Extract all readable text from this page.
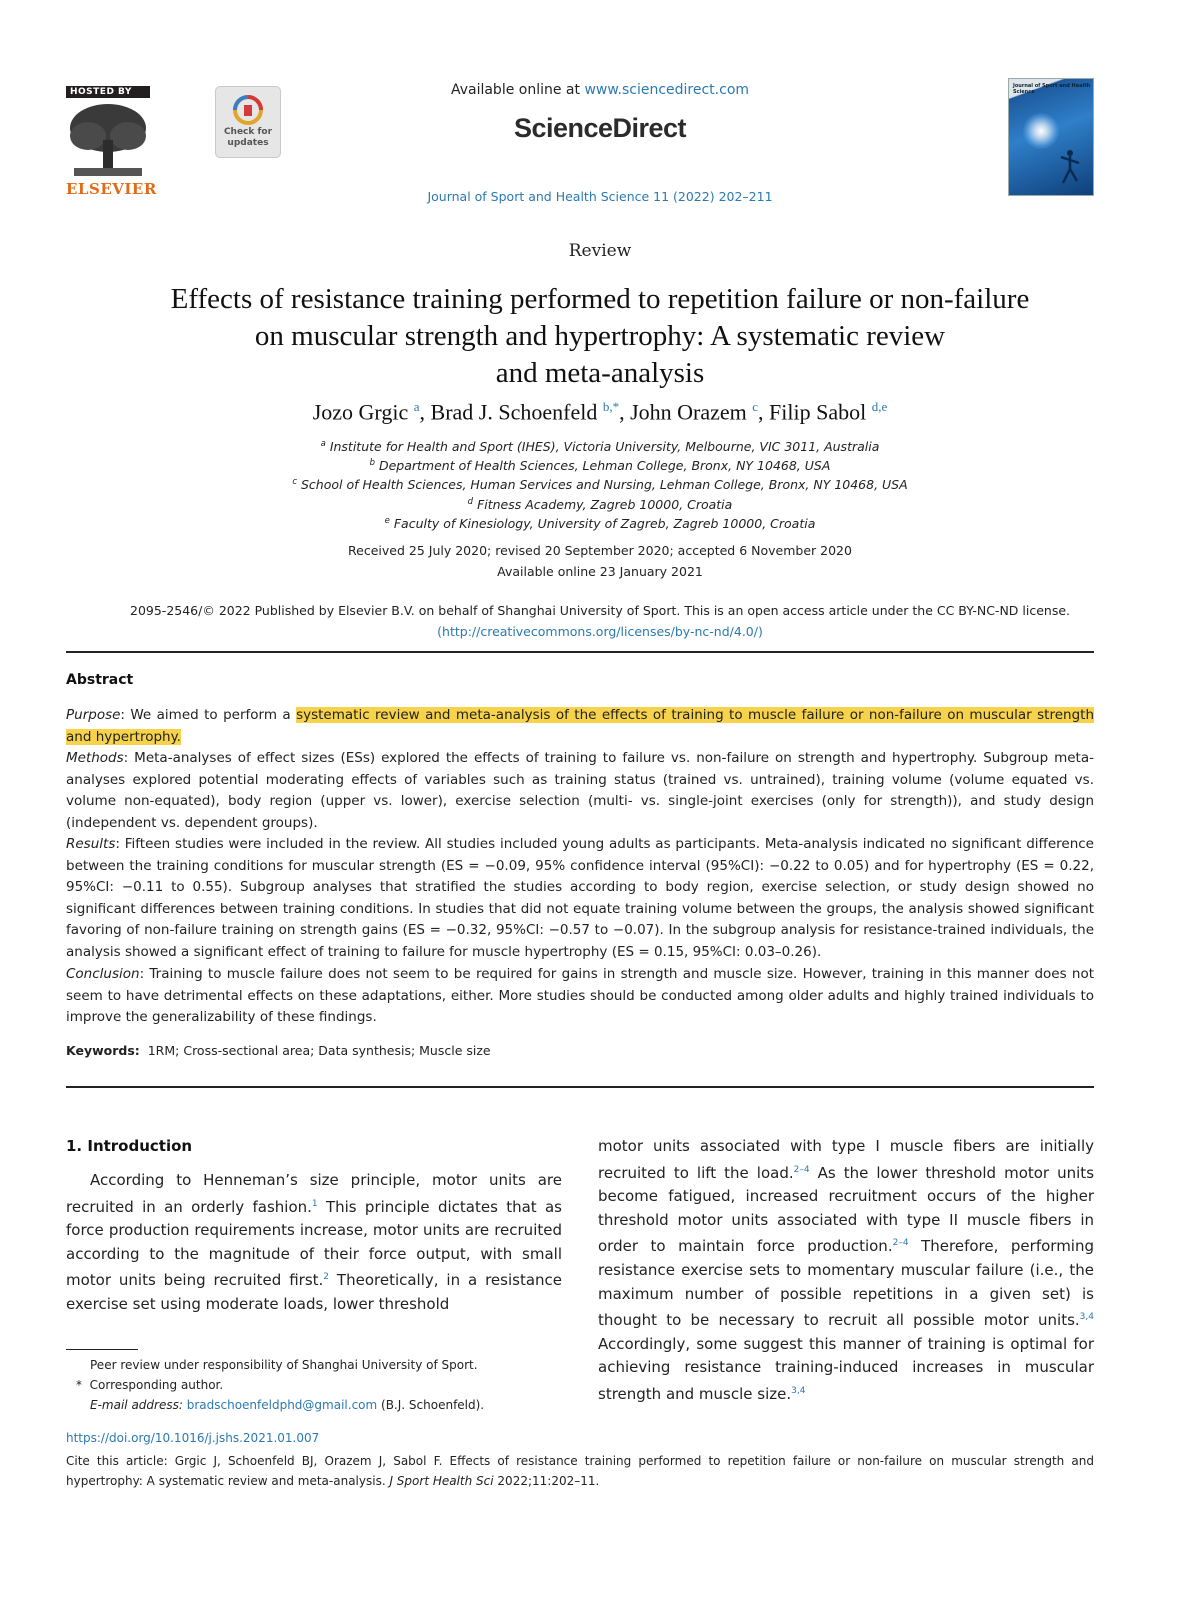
HOSTED BY
ELSEVIER
Check for updates
Available online at www.sciencedirect.com
ScienceDirect
Journal of Sport and Health Science
Journal of Sport and Health Science 11 (2022) 202–211
Review
Effects of resistance training performed to repetition failure or non-failure
on muscular strength and hypertrophy: A systematic review
and meta-analysis
Jozo Grgic $^a$, Brad J. Schoenfeld $^{b,*}$, John Orazem $^c$, Filip Sabol $^{d,e}$
$^a$ Institute for Health and Sport (IHES), Victoria University, Melbourne, VIC 3011, Australia
$^b$ Department of Health Sciences, Lehman College, Bronx, NY 10468, USA
$^c$ School of Health Sciences, Human Services and Nursing, Lehman College, Bronx, NY 10468, USA
$^d$ Fitness Academy, Zagreb 10000, Croatia
$^e$ Faculty of Kinesiology, University of Zagreb, Zagreb 10000, Croatia
Received 25 July 2020; revised 20 September 2020; accepted 6 November 2020
Available online 23 January 2021
2095-2546/© 2022 Published by Elsevier B.V. on behalf of Shanghai University of Sport. This is an open access article under the CC BY-NC-ND license.
(http://creativecommons.org/licenses/by-nc-nd/4.0/)
Abstract
Purpose: We aimed to perform a systematic review and meta-analysis of the effects of training to muscle failure or non-failure on muscular strength and hypertrophy.
Methods: Meta-analyses of effect sizes (ESs) explored the effects of training to failure vs. non-failure on strength and hypertrophy. Subgroup meta-analyses explored potential moderating effects of variables such as training status (trained vs. untrained), training volume (volume equated vs. volume non-equated), body region (upper vs. lower), exercise selection (multi- vs. single-joint exercises (only for strength)), and study design (independent vs. dependent groups).
Results: Fifteen studies were included in the review. All studies included young adults as participants. Meta-analysis indicated no significant difference between the training conditions for muscular strength (ES = −0.09, 95% confidence interval (95%CI): −0.22 to 0.05) and for hypertrophy (ES = 0.22, 95%CI: −0.11 to 0.55). Subgroup analyses that stratified the studies according to body region, exercise selection, or study design showed no significant differences between training conditions. In studies that did not equate training volume between the groups, the analysis showed significant favoring of non-failure training on strength gains (ES = −0.32, 95%CI: −0.57 to −0.07). In the subgroup analysis for resistance-trained individuals, the analysis showed a significant effect of training to failure for muscle hypertrophy (ES = 0.15, 95%CI: 0.03–0.26).
Conclusion: Training to muscle failure does not seem to be required for gains in strength and muscle size. However, training in this manner does not seem to have detrimental effects on these adaptations, either. More studies should be conducted among older adults and highly trained individuals to improve the generalizability of these findings.
Keywords: 1RM; Cross-sectional area; Data synthesis; Muscle size
1. Introduction
According to Henneman’s size principle, motor units are recruited in an orderly fashion.$^1$ This principle dictates that as force production requirements increase, motor units are recruited according to the magnitude of their force output, with small motor units being recruited first.$^2$ Theoretically, in a resistance exercise set using moderate loads, lower threshold
motor units associated with type I muscle fibers are initially recruited to lift the load.$^{2-4}$ As the lower threshold motor units become fatigued, increased recruitment occurs of the higher threshold motor units associated with type II muscle fibers in order to maintain force production.$^{2-4}$ Therefore, performing resistance exercise sets to momentary muscular failure (i.e., the maximum number of possible repetitions in a given set) is thought to be necessary to recruit all possible motor units.$^{3,4}$ Accordingly, some suggest this manner of training is optimal for achieving resistance training-induced increases in muscular strength and muscle size.$^{3,4}$
Peer review under responsibility of Shanghai University of Sport.
* Corresponding author.
E-mail address: bradschoenfeldphd@gmail.com (B.J. Schoenfeld).
https://doi.org/10.1016/j.jshs.2021.01.007
Cite this article: Grgic J, Schoenfeld BJ, Orazem J, Sabol F. Effects of resistance training performed to repetition failure or non-failure on muscular strength and hypertrophy: A systematic review and meta-analysis. J Sport Health Sci 2022;11:202–11.
